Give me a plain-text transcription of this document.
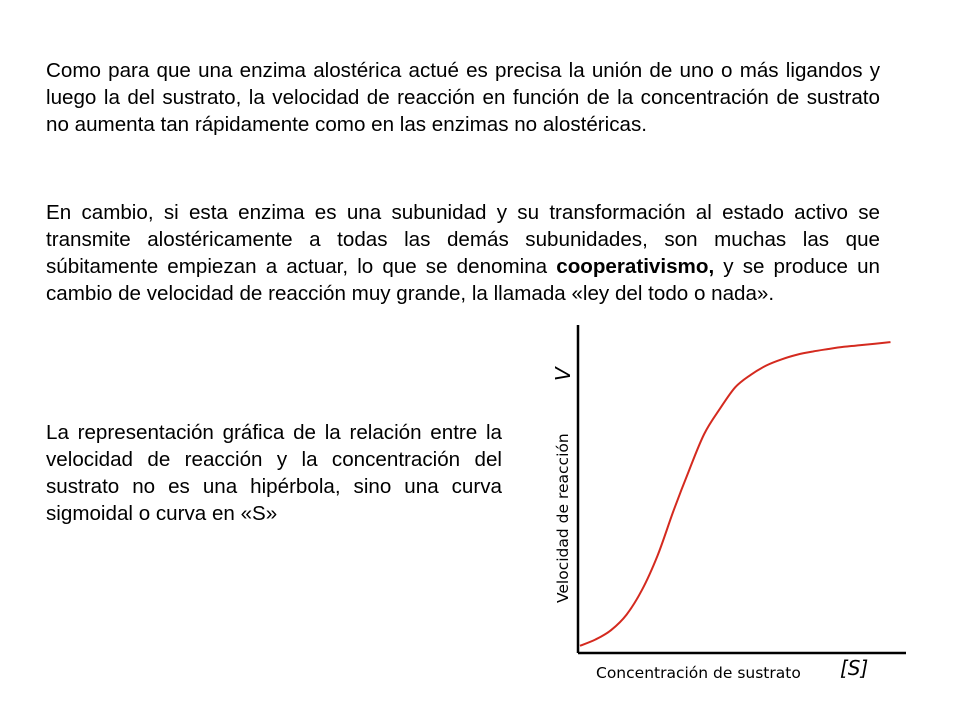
Como para que una enzima alostérica actué es precisa la unión de uno o más ligandos y luego la del sustrato, la velocidad de reacción en función de la concentración de sustrato no aumenta tan rápidamente como en las enzimas no alostéricas.

En cambio, si esta enzima es una subunidad y su transformación al estado activo se transmite alostéricamente a todas las demás subunidades, son muchas las que súbitamente empiezan a actuar, lo que se denomina cooperativismo, y se produce un cambio de velocidad de reacción muy grande, la llamada «ley del todo o nada».

La representación gráfica de la relación entre la velocidad de reacción y la concentración del sustrato no es una hipérbola, sino una curva sigmoidal o curva en «S»

Concentración de sustrato [S]
Velocidad de reacción
V
